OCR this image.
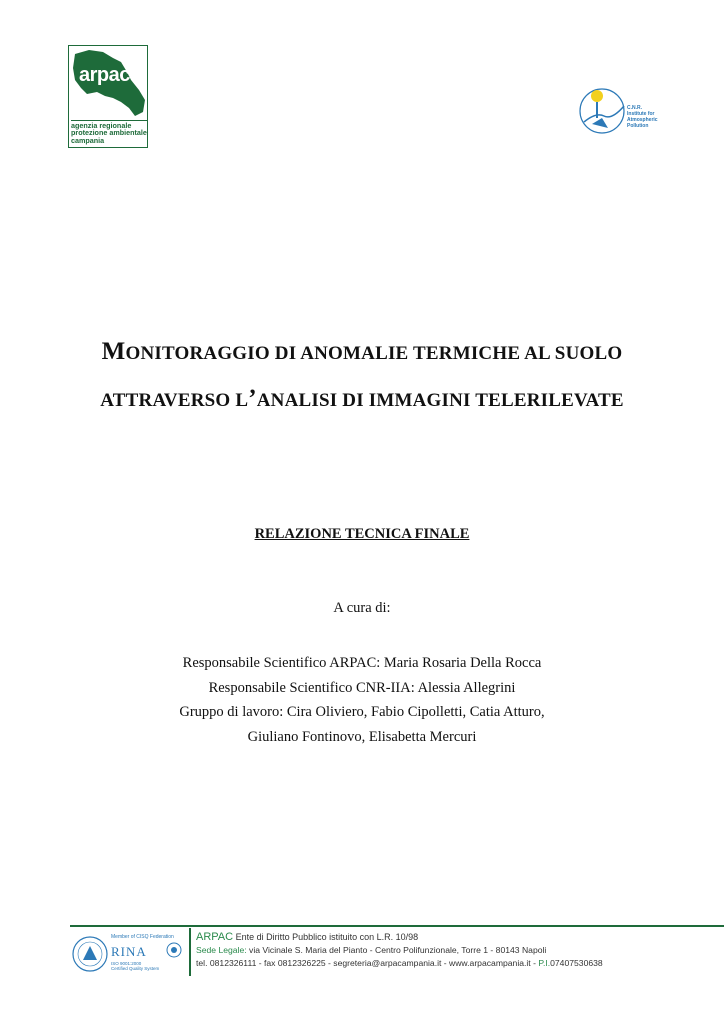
arpac
agenzia regionale
protezione ambientale
campania
C.N.R.
Institute for
Atmospheric
Pollution
MONITORAGGIO DI ANOMALIE TERMICHE AL SUOLO
ATTRAVERSO L’ANALISI DI IMMAGINI TELERILEVATE
RELAZIONE TECNICA FINALE
A cura di:
Responsabile Scientifico ARPAC: Maria Rosaria Della Rocca
Responsabile Scientifico CNR-IIA: Alessia Allegrini
Gruppo di lavoro: Cira Oliviero, Fabio Cipolletti, Catia Atturo,
Giuliano Fontinovo, Elisabetta Mercuri
Member of CISQ Federation
RINA
ISO 9001:2000
Certified Quality System
ARPAC Ente di Diritto Pubblico istituito con L.R. 10/98
Sede Legale: via Vicinale S. Maria del Pianto - Centro Polifunzionale, Torre 1 - 80143 Napoli
tel. 0812326111 - fax 0812326225 - segreteria@arpacampania.it - www.arpacampania.it - P.I.07407530638
